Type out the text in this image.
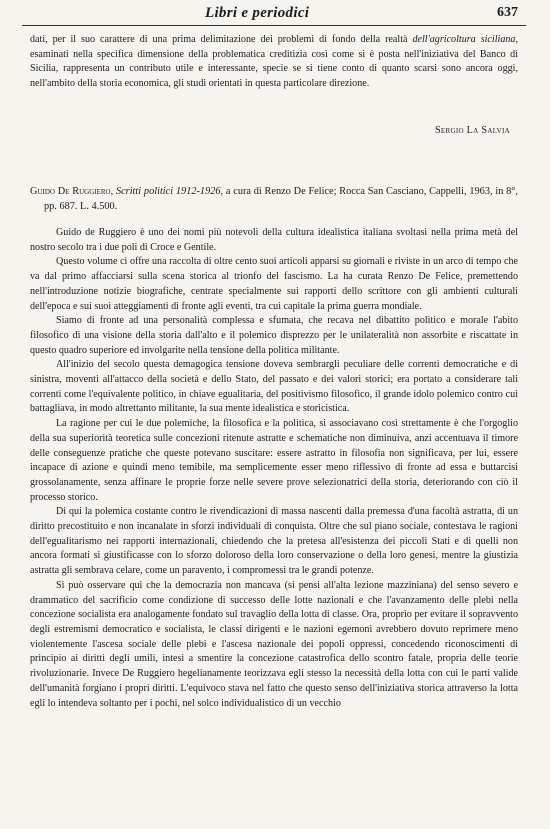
Libri e periodici	637

dati, per il suo carattere di una prima delimitazione dei problemi di fondo della realtà dell'agricoltura siciliana, esaminati nella specifica dimensione della problematica creditizia così come si è posta nell'iniziativa del Banco di Sicilia, rappresenta un contributo utile e interessante, specie se si tiene conto di quanto scarsi sono ancora oggi, nell'ambito della storia economica, gli studi orientati in questa particolare direzione.

Sergio La Salvia

Guido De Ruggiero, Scritti politici 1912-1926, a cura di Renzo De Felice; Rocca San Casciano, Cappelli, 1963, in 8°, pp. 687. L. 4.500.

Guido de Ruggiero è uno dei nomi più notevoli della cultura idealistica italiana svoltasi nella prima metà del nostro secolo tra i due poli di Croce e Gentile.

Questo volume ci offre una raccolta di oltre cento suoi articoli apparsi su giornali e riviste in un arco di tempo che va dal primo affacciarsi sulla scena storica al trionfo del fascismo. La ha curata Renzo De Felice, premettendo nell'introduzione notizie biografiche, centrate specialmente sui rapporti dello scrittore con gli ambienti culturali dell'epoca e sui suoi atteggiamenti di fronte agli eventi, tra cui capitale la prima guerra mondiale.

Siamo di fronte ad una personalità complessa e sfumata, che recava nel dibattito politico e morale l'abito filosofico di una visione della storia dall'alto e il polemico disprezzo per le unilateralità non assorbite e riscattate in questo quadro superiore ed involgarite nella tensione della politica militante.

All'inizio del secolo questa demagogica tensione doveva sembrargli peculiare delle correnti democratiche e di sinistra, moventi all'attacco della società e dello Stato, del passato e dei valori storici; era portato a considerare tali correnti come l'equivalente politico, in chiave egualitaria, del positivismo filosofico, il grande idolo polemico contro cui battagliava, in modo altrettanto militante, la sua mente idealistica e storicistica.

La ragione per cui le due polemiche, la filosofica e la politica, si associavano così strettamente è che l'orgoglio della sua superiorità teoretica sulle concezioni ritenute astratte e schematiche non diminuiva, anzi accentuava il timore delle conseguenze pratiche che queste potevano suscitare: essere astratto in filosofia non significava, per lui, essere incapace di azione e quindi meno temibile, ma semplicemente esser meno riflessivo di fronte ad essa e buttarcisi grossolanamente, senza affinare le proprie forze nelle severe prove selezionatrici della storia, deteriorando con ciò il processo storico.

Di qui la polemica costante contro le rivendicazioni di massa nascenti dalla premessa d'una facoltà astratta, di un diritto precostituito e non incanalate in sforzi individuali di conquista. Oltre che sul piano sociale, contestava le ragioni dell'egualitarismo nei rapporti internazionali, chiedendo che la pretesa all'esistenza dei piccoli Stati e di quelli non ancora formati si giustificasse con lo sforzo doloroso della loro conservazione o della loro genesi, mentre la giustizia astratta gli sembrava celare, come un paravento, i compromessi tra le grandi potenze.

Si può osservare qui che la democrazia non mancava (si pensi all'alta lezione mazziniana) del senso severo e drammatico del sacrificio come condizione di successo delle lotte nazionali e che l'avanzamento delle plebi nella concezione socialista era analogamente fondato sul travaglio della lotta di classe. Ora, proprio per evitare il sopravvento degli estremismi democratico e socialista, le classi dirigenti e le nazioni egemoni avrebbero dovuto reprimere meno violentemente l'ascesa sociale delle plebi e l'ascesa nazionale dei popoli oppressi, concedendo riconoscimenti di principio ai diritti degli umili, intesi a smentire la concezione catastrofica dello scontro fatale, propria delle teorie rivoluzionarie. Invece De Ruggiero hegelianamente teorizzava egli stesso la necessità della lotta con cui le parti valide dell'umanità forgiano i propri diritti. L'equivoco stava nel fatto che questo senso dell'iniziativa storica attraverso la lotta egli lo intendeva soltanto per i pochi, nel solco individualistico di un vecchio
